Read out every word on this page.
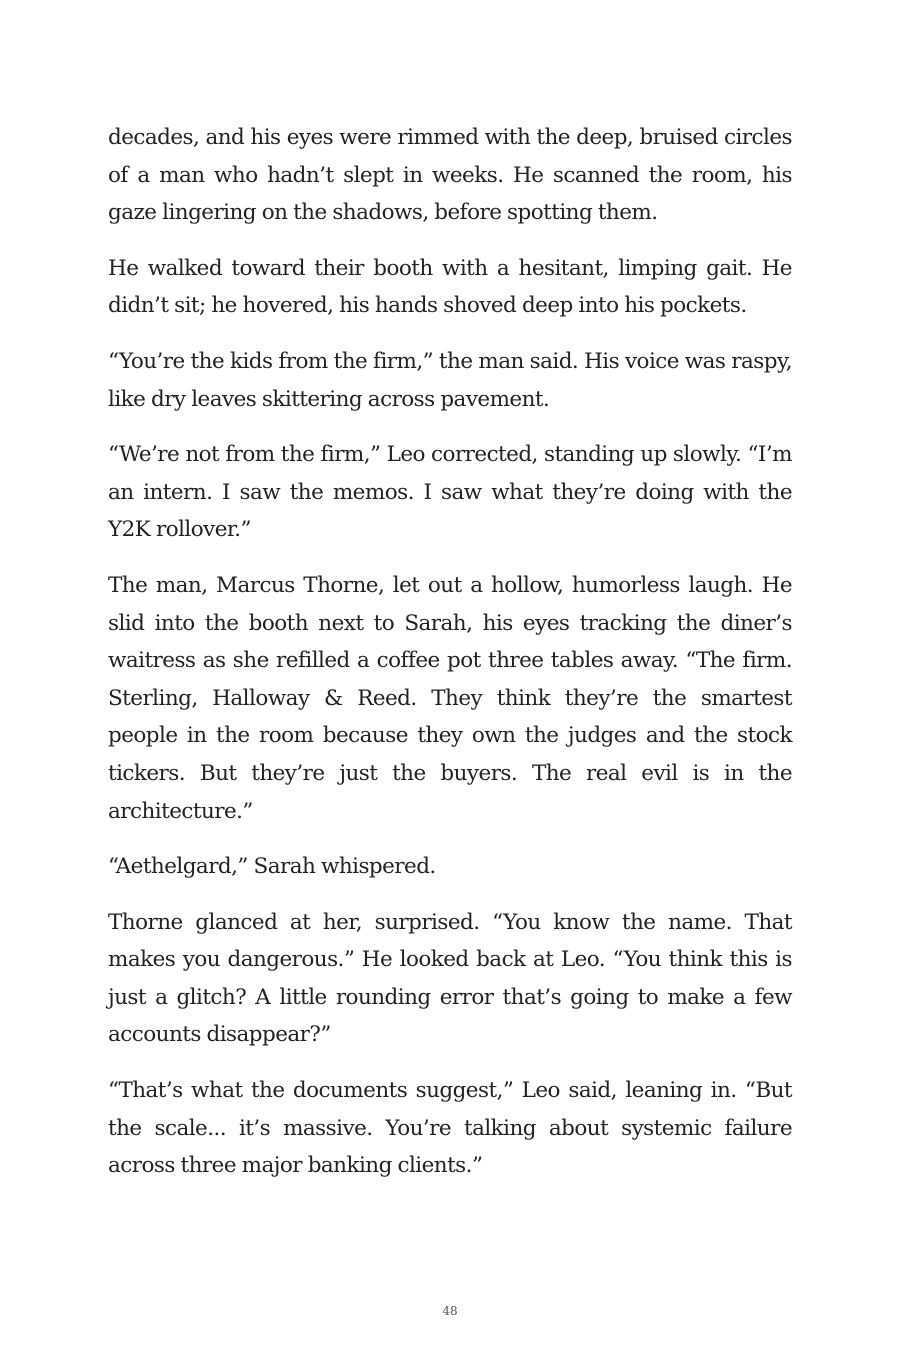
decades, and his eyes were rimmed with the deep, bruised circles of a man who hadn’t slept in weeks. He scanned the room, his gaze lingering on the shadows, before spotting them.

He walked toward their booth with a hesitant, limping gait. He didn’t sit; he hovered, his hands shoved deep into his pockets.

“You’re the kids from the firm,” the man said. His voice was raspy, like dry leaves skittering across pavement.

“We’re not from the firm,” Leo corrected, standing up slowly. “I’m an intern. I saw the memos. I saw what they’re doing with the Y2K rollover.”

The man, Marcus Thorne, let out a hollow, humorless laugh. He slid into the booth next to Sarah, his eyes tracking the diner’s waitress as she refilled a coffee pot three tables away. “The firm. Sterling, Halloway & Reed. They think they’re the smartest people in the room because they own the judges and the stock tickers. But they’re just the buyers. The real evil is in the architecture.”

“Aethelgard,” Sarah whispered.

Thorne glanced at her, surprised. “You know the name. That makes you dangerous.” He looked back at Leo. “You think this is just a glitch? A little rounding error that’s going to make a few accounts disappear?”

“That’s what the documents suggest,” Leo said, leaning in. “But the scale... it’s massive. You’re talking about systemic failure across three major banking clients.”

48
